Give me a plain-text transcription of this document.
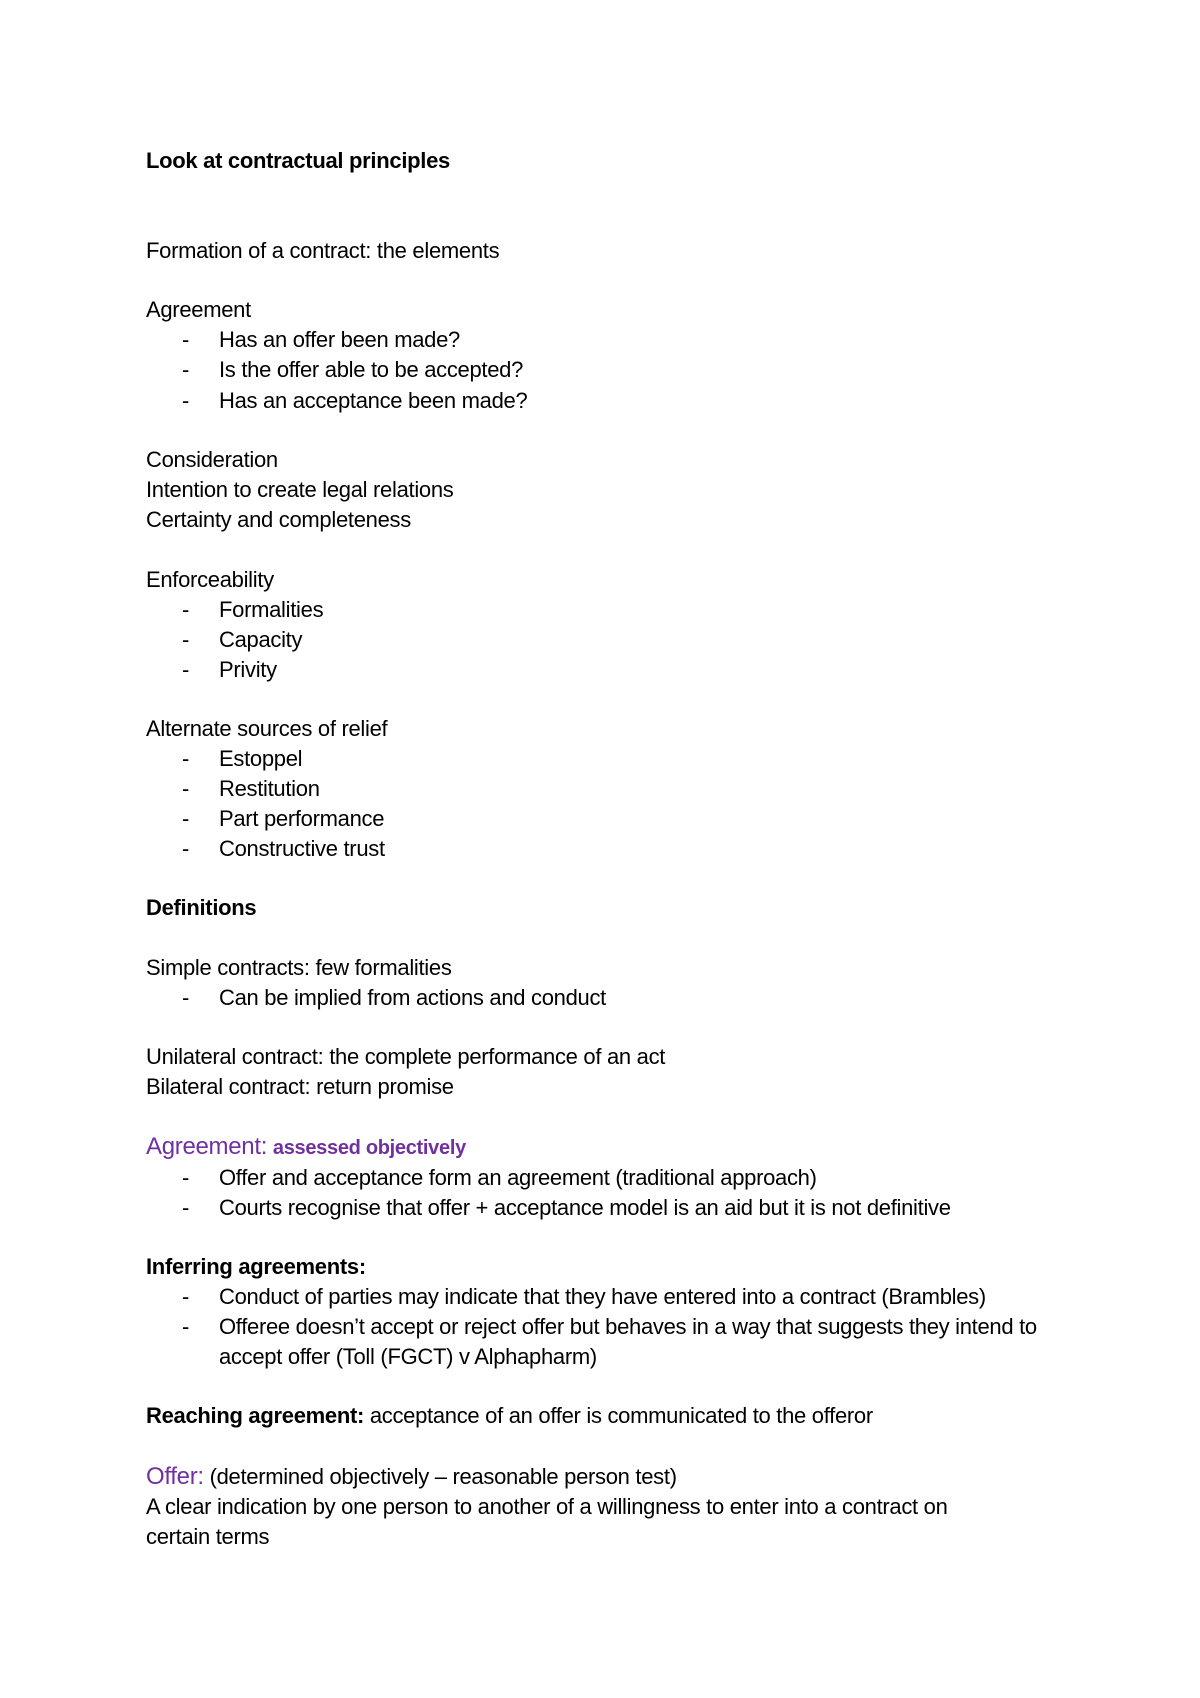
Look at contractual principles
Formation of a contract: the elements
Agreement
- Has an offer been made?
- Is the offer able to be accepted?
- Has an acceptance been made?
Consideration
Intention to create legal relations
Certainty and completeness
Enforceability
- Formalities
- Capacity
- Privity
Alternate sources of relief
- Estoppel
- Restitution
- Part performance
- Constructive trust
Definitions
Simple contracts: few formalities
- Can be implied from actions and conduct
Unilateral contract: the complete performance of an act
Bilateral contract: return promise
Agreement: assessed objectively
- Offer and acceptance form an agreement (traditional approach)
- Courts recognise that offer + acceptance model is an aid but it is not definitive
Inferring agreements:
- Conduct of parties may indicate that they have entered into a contract (Brambles)
- Offeree doesn’t accept or reject offer but behaves in a way that suggests they intend to accept offer (Toll (FGCT) v Alphapharm)
Reaching agreement: acceptance of an offer is communicated to the offeror
Offer: (determined objectively – reasonable person test)
A clear indication by one person to another of a willingness to enter into a contract on certain terms
